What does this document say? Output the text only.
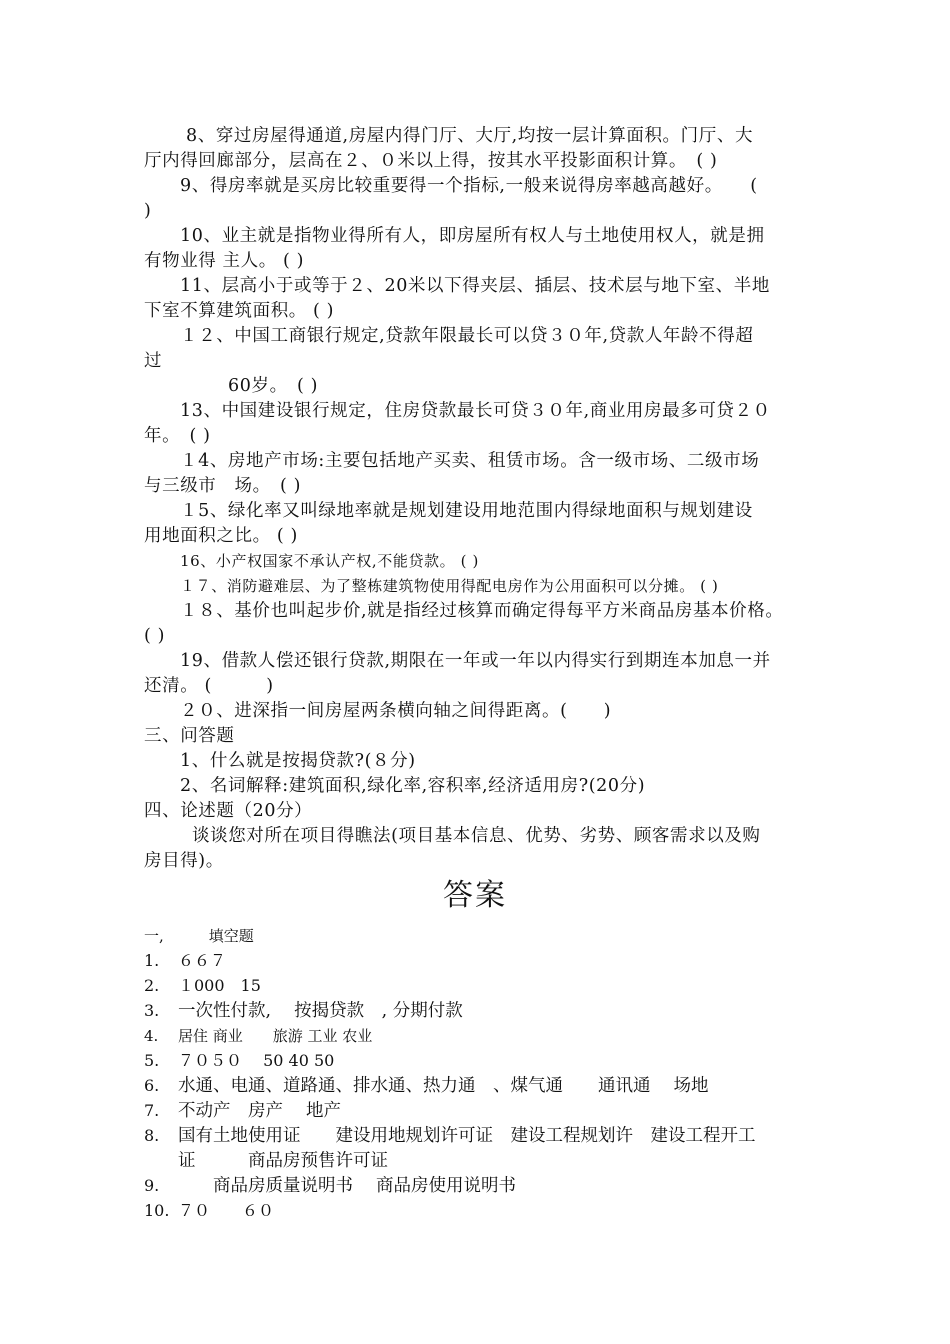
8、穿过房屋得通道,房屋内得门厅、大厅,均按一层计算面积。门厅、大
厅内得回廊部分，层高在２、０米以上得，按其水平投影面积计算。　( )
9、得房率就是买房比较重要得一个指标,一般来说得房率越高越好。　　(
)
10、业主就是指物业得所有人，即房屋所有权人与土地使用权人，就是拥
有物业得 主人。 ( )
11、层高小于或等于２、20米以下得夹层、插层、技术层与地下室、半地
下室不算建筑面积。 ( )
１２、中国工商银行规定,贷款年限最长可以贷３０年,贷款人年龄不得超
过
60岁。　( )
13、中国建设银行规定，住房贷款最长可贷３０年,商业用房最多可贷２０
年。　( )
１4、房地产市场:主要包括地产买卖、租赁市场。含一级市场、二级市场
与三级市　场。　( )
１5、绿化率又叫绿地率就是规划建设用地范围内得绿地面积与规划建设
用地面积之比。 ( )
16、小产权国家不承认产权,不能贷款。 ( )
１７、消防避难层、为了整栋建筑物使用得配电房作为公用面积可以分摊。 ( )
１８、基价也叫起步价,就是指经过核算而确定得每平方米商品房基本价格。
( )
19、借款人偿还银行贷款,期限在一年或一年以内得实行到期连本加息一并
还清。 (　　　)
２０、进深指一间房屋两条横向轴之间得距离。(　　)
三、问答题
1、什么就是按揭贷款?(８分)
2、名词解释:建筑面积,绿化率,容积率,经济适用房?(20分)
四、论述题（20分）
谈谈您对所在项目得瞧法(项目基本信息、优势、劣势、顾客需求以及购
房目得)。
答案
一,　　　填空题
1. ６６７
2. １000　15
3. 一次性付款,　 按揭贷款　, 分期付款
4. 居住 商业　　旅游 工业 农业
5. ７０５０　 50 40 50
6. 水通、电通、道路通、排水通、热力通　、煤气通　　通讯通　 场地
7. 不动产　房产　 地产
8. 国有土地使用证　　建设用地规划许可证　建设工程规划许　建设工程开工
证　　　商品房预售许可证
9.　　商品房质量说明书　 商品房使用说明书
10. ７０　　６０
